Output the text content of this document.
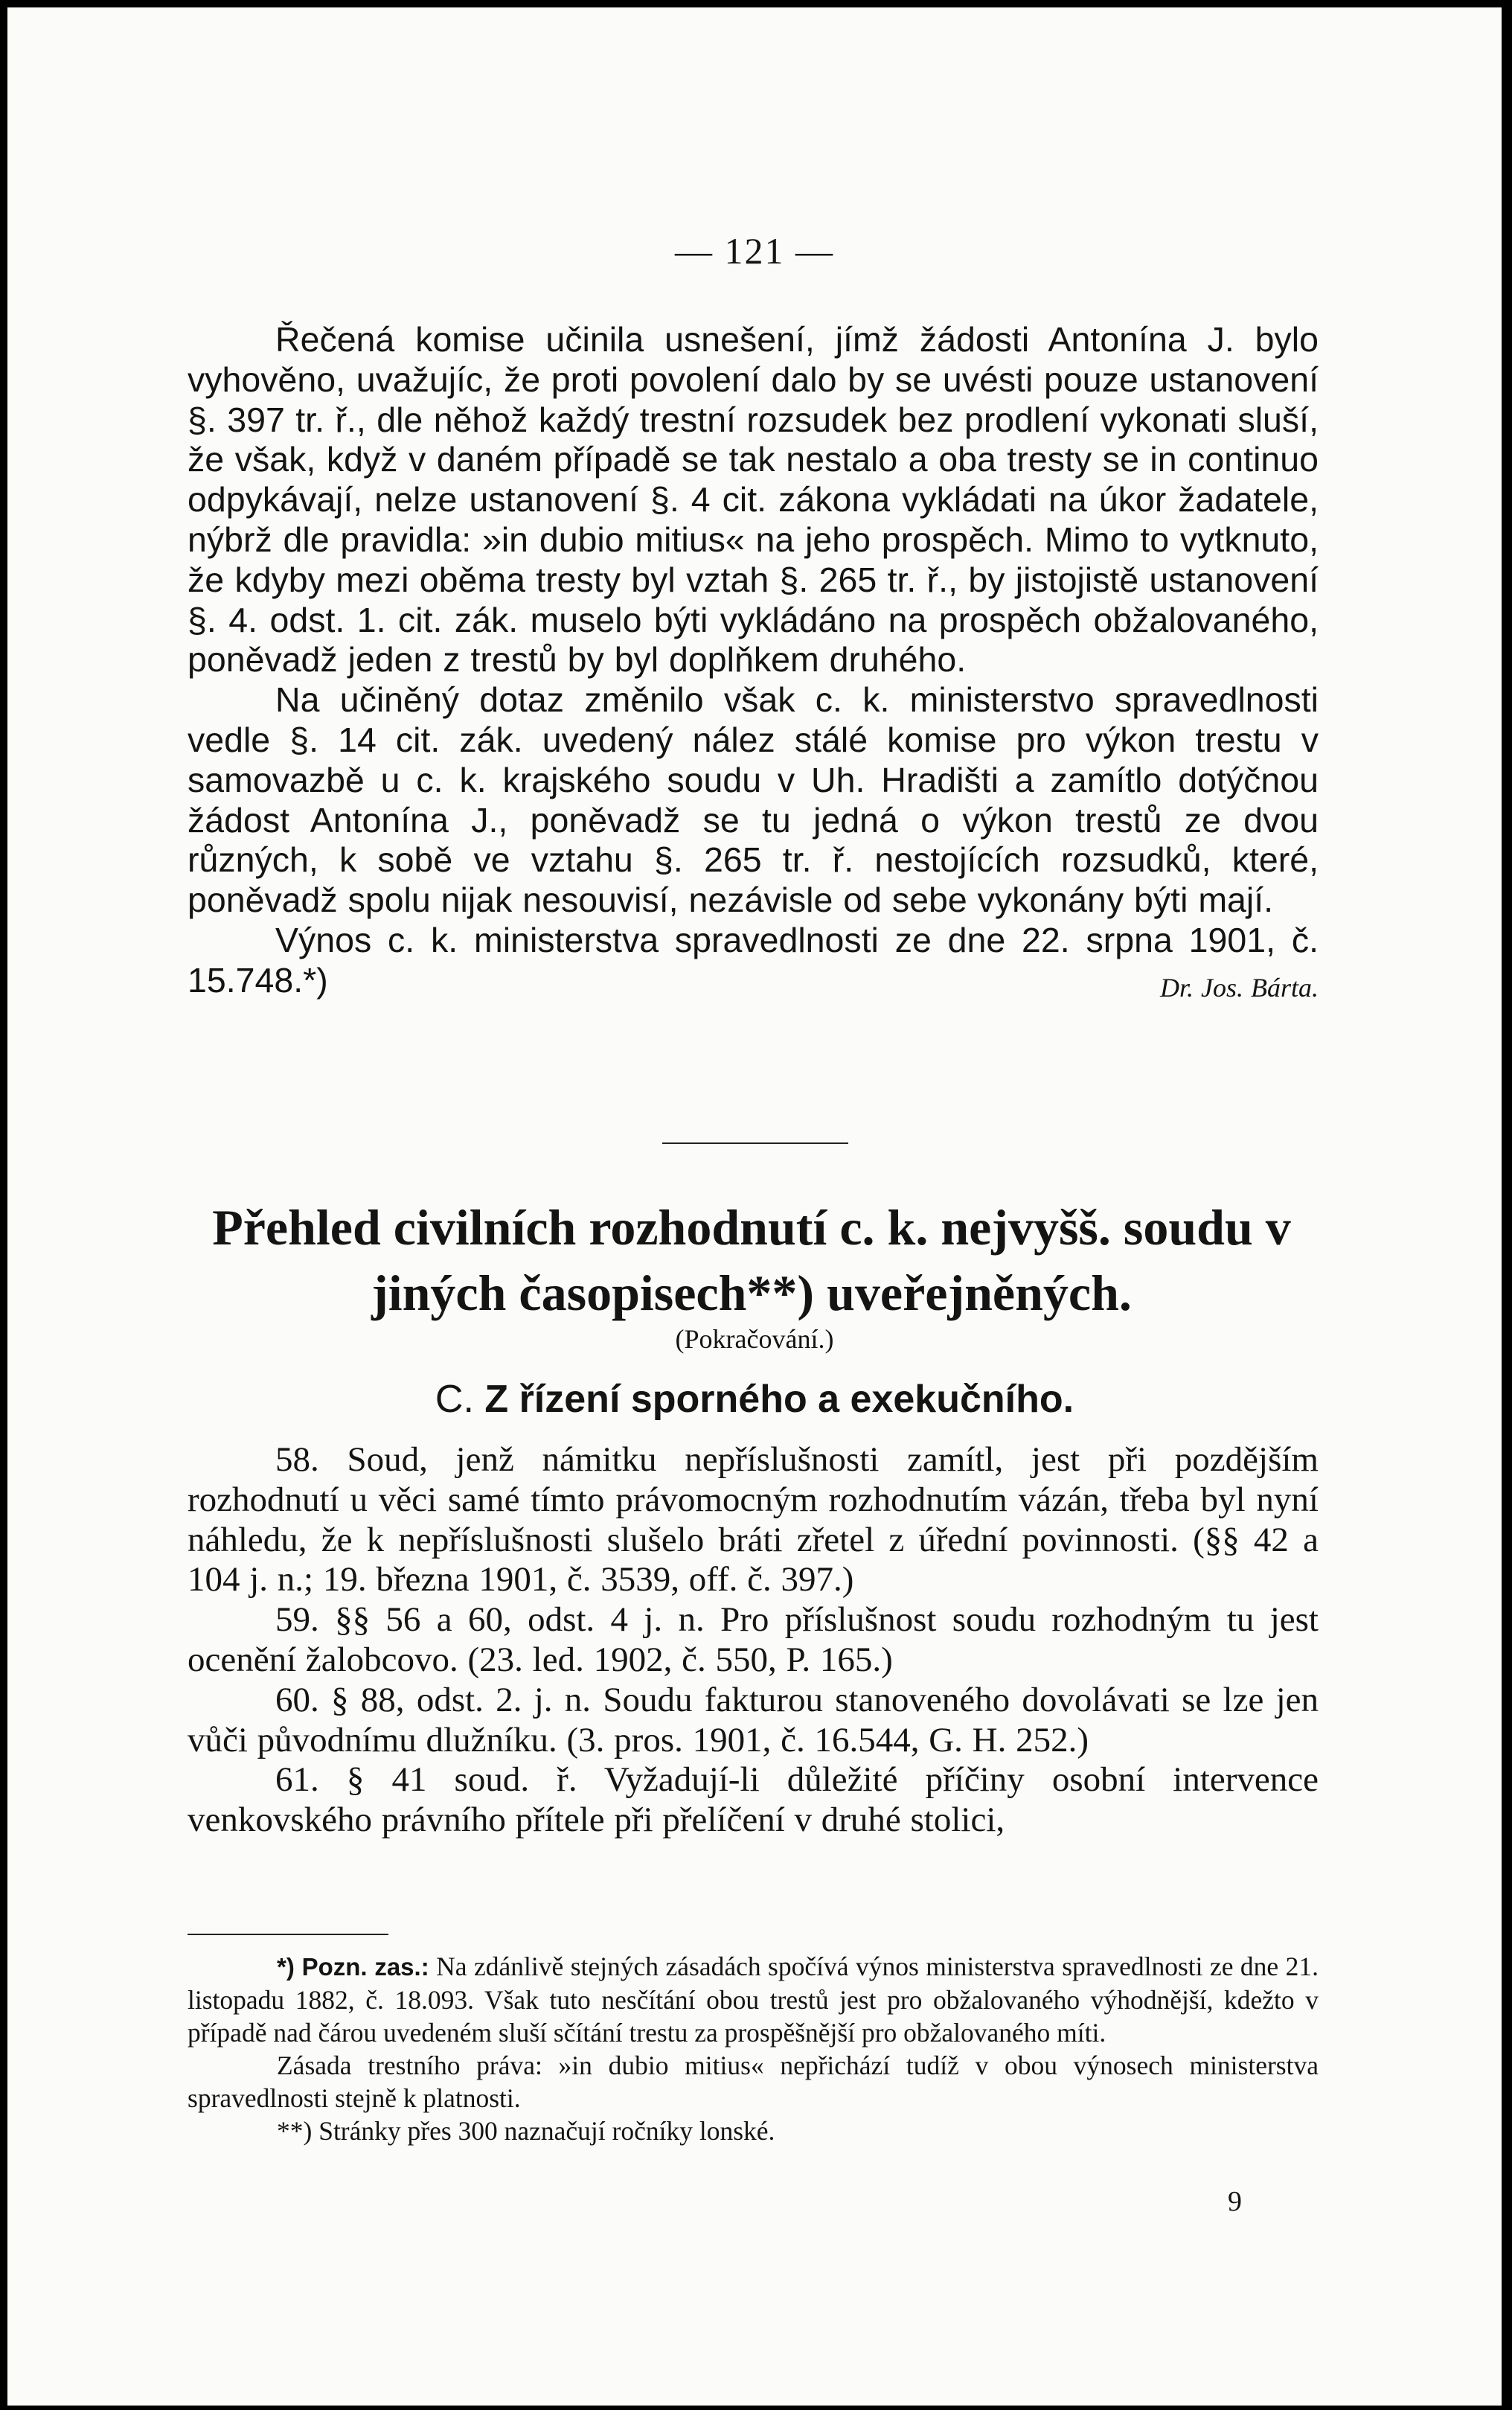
— 121 —
Řečená komise učinila usnešení, jímž žádosti Antonína J. bylo vyhověno, uvažujíc, že proti povolení dalo by se uvésti pouze ustanovení §. 397 tr. ř., dle něhož každý trestní rozsudek bez prodlení vykonati sluší, že však, když v daném případě se tak nestalo a oba tresty se in continuo odpykávají, nelze ustanovení §. 4 cit. zákona vykládati na úkor žadatele, nýbrž dle pravidla: »in dubio mitius« na jeho prospěch. Mimo to vytknuto, že kdyby mezi oběma tresty byl vztah §. 265 tr. ř., by jistojistě ustanovení §. 4. odst. 1. cit. zák. muselo býti vykládáno na prospěch obžalovaného, poněvadž jeden z trestů by byl doplňkem druhého.
Na učiněný dotaz změnilo však c. k. ministerstvo spravedlnosti vedle §. 14 cit. zák. uvedený nález stálé komise pro výkon trestu v samovazbě u c. k. krajského soudu v Uh. Hradišti a zamítlo dotýčnou žádost Antonína J., poněvadž se tu jedná o výkon trestů ze dvou různých, k sobě ve vztahu §. 265 tr. ř. nestojících rozsudků, které, poněvadž spolu nijak nesouvisí, nezávisle od sebe vykonány býti mají.
Výnos c. k. ministerstva spravedlnosti ze dne 22. srpna 1901, č. 15.748.*)	Dr. Jos. Bárta.
Přehled civilních rozhodnutí c. k. nejvyšš. soudu v jiných časopisech**) uveřejněných.
(Pokračování.)
C. Z řízení sporného a exekučního.
58. Soud, jenž námitku nepříslušnosti zamítl, jest při pozdějším rozhodnutí u věci samé tímto právomocným rozhodnutím vázán, třeba byl nyní náhledu, že k nepříslušnosti slušelo bráti zřetel z úřední povinnosti. (§§ 42 a 104 j. n.; 19. března 1901, č. 3539, off. č. 397.)
59. §§ 56 a 60, odst. 4 j. n. Pro příslušnost soudu rozhodným tu jest ocenění žalobcovo. (23. led. 1902, č. 550, P. 165.)
60. § 88, odst. 2. j. n. Soudu fakturou stanoveného dovolávati se lze jen vůči původnímu dlužníku. (3. pros. 1901, č. 16.544, G. H. 252.)
61. § 41 soud. ř. Vyžadují-li důležité příčiny osobní intervence venkovského právního přítele při přelíčení v druhé stolici,
*) Pozn. zas.: Na zdánlivě stejných zásadách spočívá výnos ministerstva spravedlnosti ze dne 21. listopadu 1882, č. 18.093. Však tuto nesčítání obou trestů jest pro obžalovaného výhodnější, kdežto v případě nad čárou uvedeném sluší sčítání trestu za prospěšnější pro obžalovaného míti.
Zásada trestního práva: »in dubio mitius« nepřichází tudíž v obou výnosech ministerstva spravedlnosti stejně k platnosti.
**) Stránky přes 300 naznačují ročníky lonské.
9
